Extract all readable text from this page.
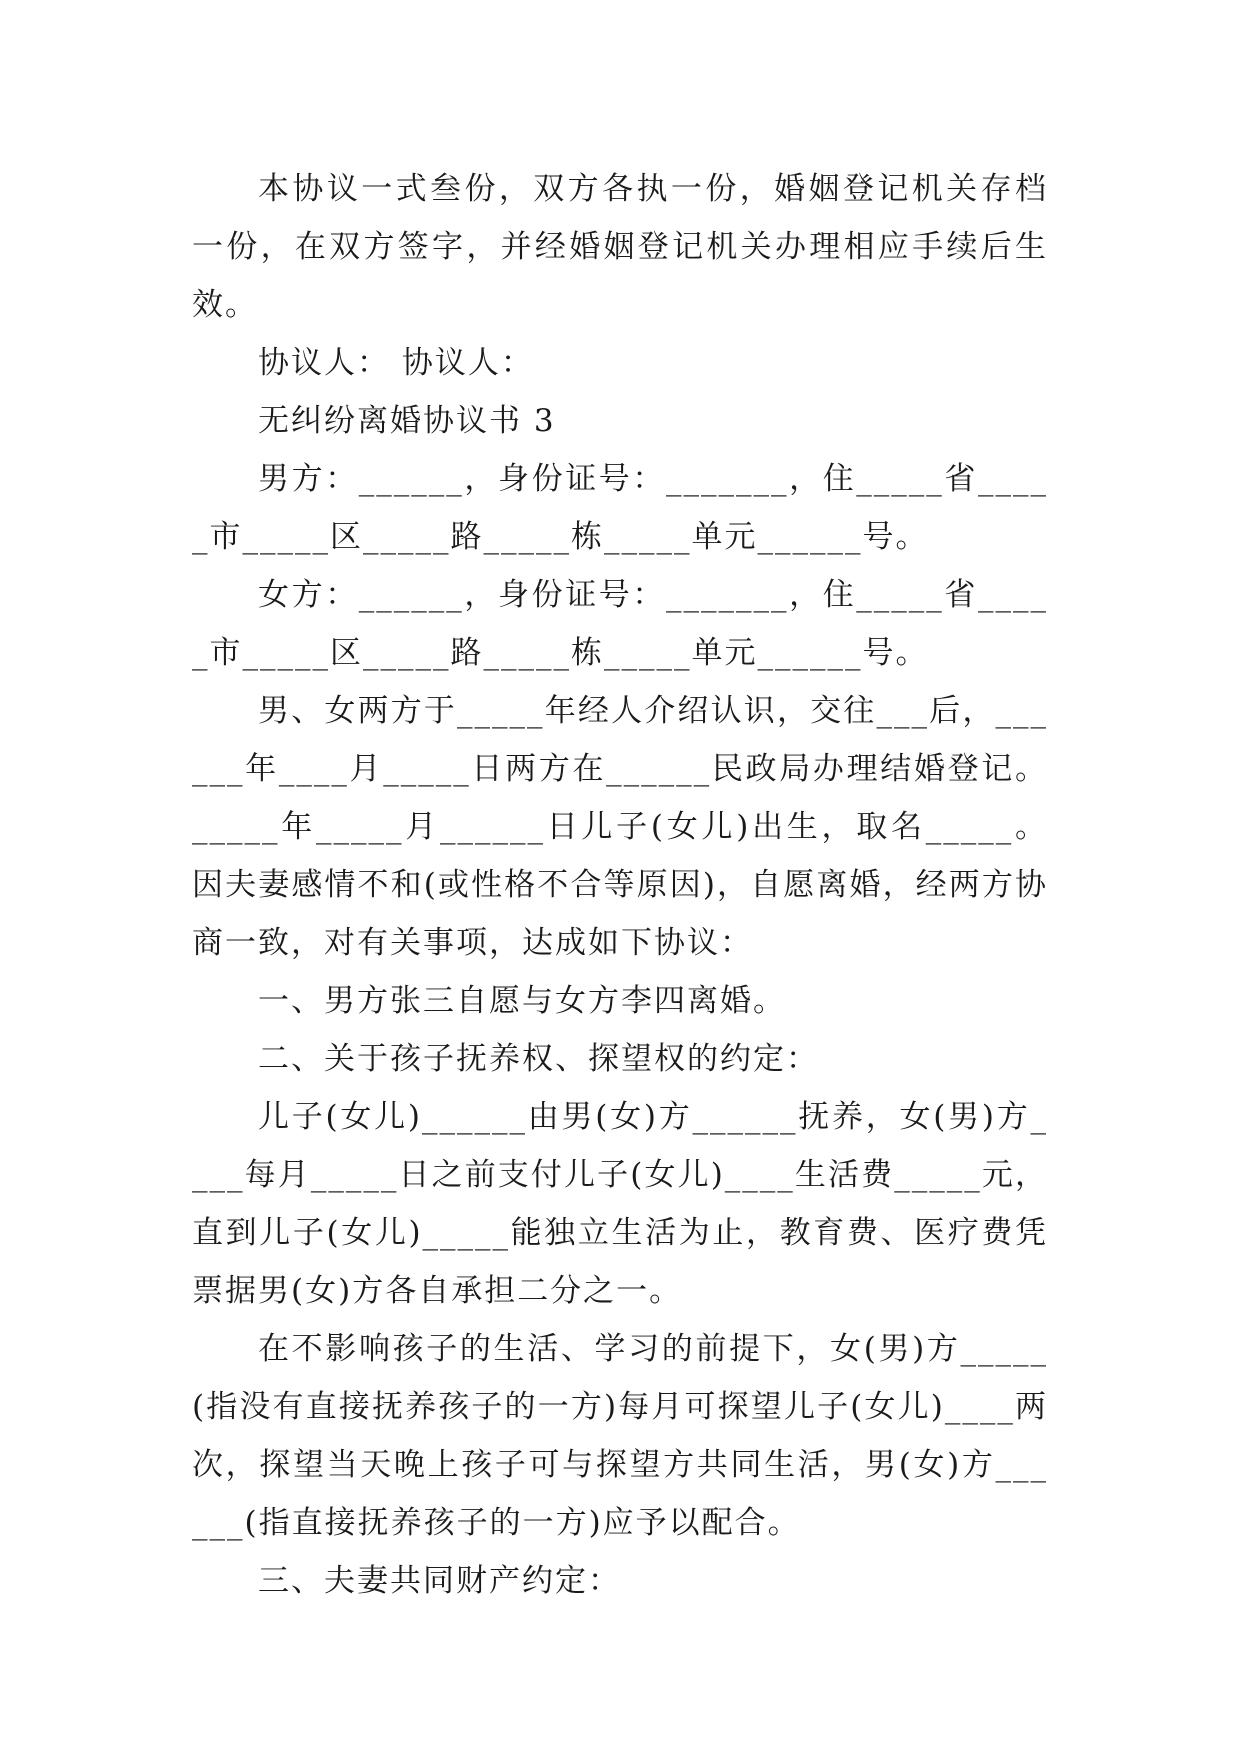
本协议一式叁份，双方各执一份，婚姻登记机关存档一份，在双方签字，并经婚姻登记机关办理相应手续后生效。

协议人： 协议人：

无纠纷离婚协议书 3

男方：______，身份证号：_______，住_____省_____市_____区_____路_____栋_____单元______号。

女方：______，身份证号：_______，住_____省_____市_____区_____路_____栋_____单元______号。

男、女两方于_____年经人介绍认识，交往___后，______年____月_____日两方在______民政局办理结婚登记。_____年_____月______日儿子(女儿)出生，取名_____。因夫妻感情不和(或性格不合等原因)，自愿离婚，经两方协商一致，对有关事项，达成如下协议：

一、男方张三自愿与女方李四离婚。

二、关于孩子抚养权、探望权的约定：

儿子(女儿)______由男(女)方______抚养，女(男)方____每月_____日之前支付儿子(女儿)____生活费_____元，直到儿子(女儿)_____能独立生活为止，教育费、医疗费凭票据男(女)方各自承担二分之一。

在不影响孩子的生活、学习的前提下，女(男)方_____(指没有直接抚养孩子的一方)每月可探望儿子(女儿)____两次，探望当天晚上孩子可与探望方共同生活，男(女)方______(指直接抚养孩子的一方)应予以配合。

三、夫妻共同财产约定：
